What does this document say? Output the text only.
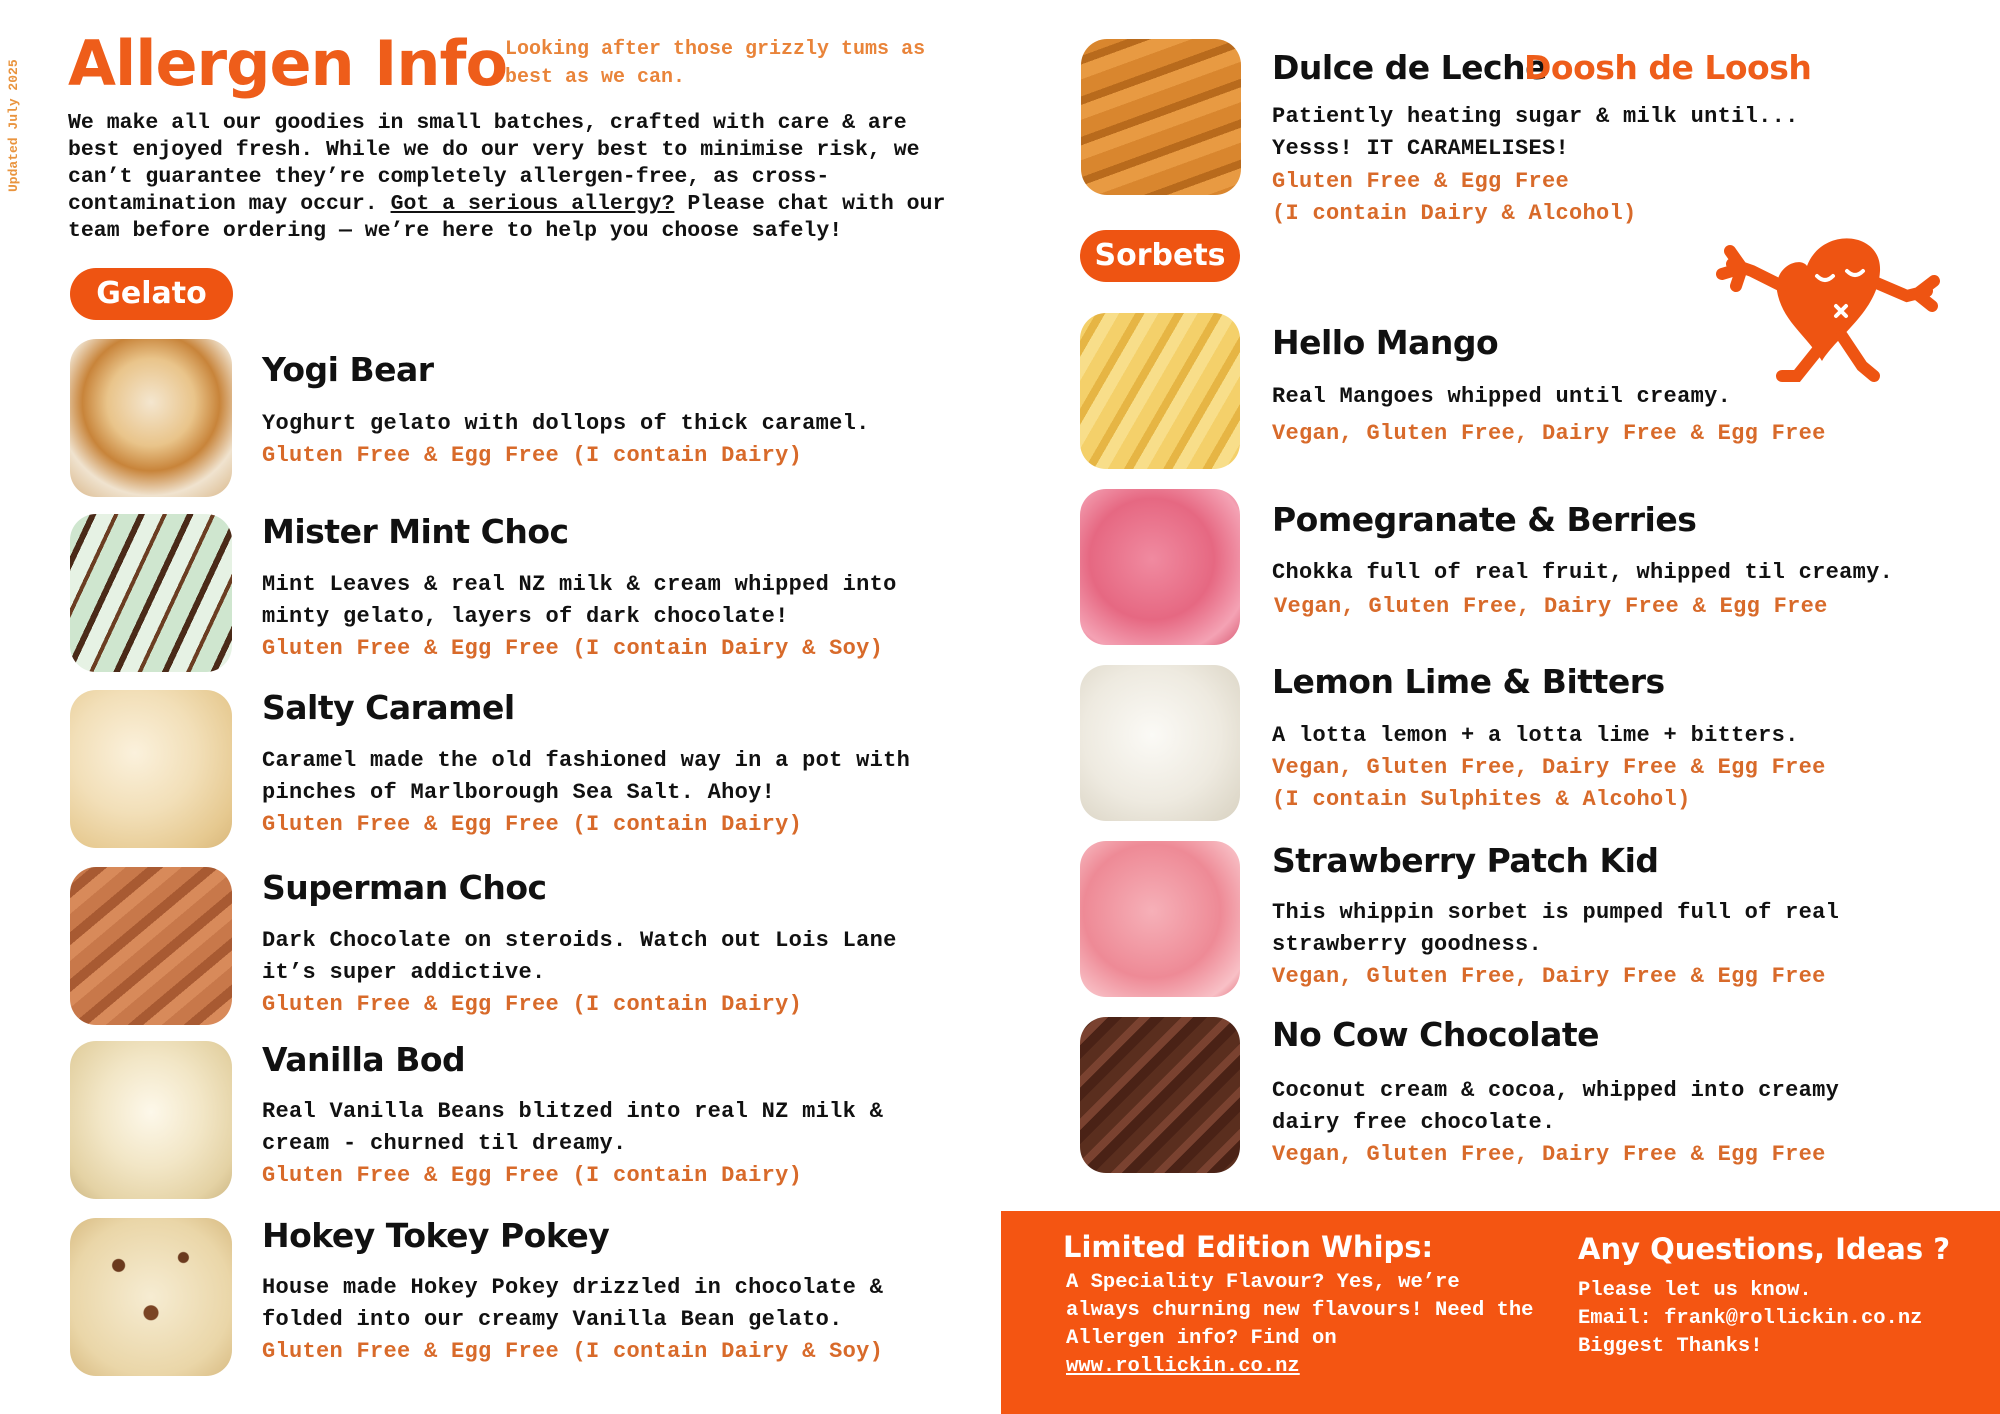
Updated July 2025 Allergen Info
Looking after those grizzly tums as best as we can.
We make all our goodies in small batches, crafted with care & are best enjoyed fresh. While we do our very best to minimise risk, we can’t guarantee they’re completely allergen-free, as cross-contamination may occur. Got a serious allergy? Please chat with our team before ordering — we’re here to help you choose safely!
Gelato
Yogi Bear
Yoghurt gelato with dollops of thick caramel.
Gluten Free & Egg Free (I contain Dairy)
Mister Mint Choc
Mint Leaves & real NZ milk & cream whipped into minty gelato, layers of dark chocolate!
Gluten Free & Egg Free (I contain Dairy & Soy)
Salty Caramel
Caramel made the old fashioned way in a pot with pinches of Marlborough Sea Salt. Ahoy!
Gluten Free & Egg Free (I contain Dairy)
Superman Choc
Dark Chocolate on steroids. Watch out Lois Lane it’s super addictive.
Gluten Free & Egg Free (I contain Dairy)
Vanilla Bod
Real Vanilla Beans blitzed into real NZ milk & cream - churned til dreamy.
Gluten Free & Egg Free (I contain Dairy)
Hokey Tokey Pokey
House made Hokey Pokey drizzled in chocolate & folded into our creamy Vanilla Bean gelato.
Gluten Free & Egg Free (I contain Dairy & Soy)
Dulce de Leche
Doosh de Loosh
Patiently heating sugar & milk until... Yesss! IT CARAMELISES!
Gluten Free & Egg Free
(I contain Dairy & Alcohol)
Sorbets
Hello Mango
Real Mangoes whipped until creamy.
Vegan, Gluten Free, Dairy Free & Egg Free
Pomegranate & Berries
Chokka full of real fruit, whipped til creamy.
Vegan, Gluten Free, Dairy Free & Egg Free
Lemon Lime & Bitters
A lotta lemon + a lotta lime + bitters.
Vegan, Gluten Free, Dairy Free & Egg Free
(I contain Sulphites & Alcohol)
Strawberry Patch Kid
This whippin sorbet is pumped full of real strawberry goodness.
Vegan, Gluten Free, Dairy Free & Egg Free
No Cow Chocolate
Coconut cream & cocoa, whipped into creamy dairy free chocolate.
Vegan, Gluten Free, Dairy Free & Egg Free
Limited Edition Whips:
A Speciality Flavour? Yes, we’re always churning new flavours! Need the Allergen info? Find on www.rollickin.co.nz
Any Questions, Ideas ?
Please let us know.
Email: frank@rollickin.co.nz
Biggest Thanks!
